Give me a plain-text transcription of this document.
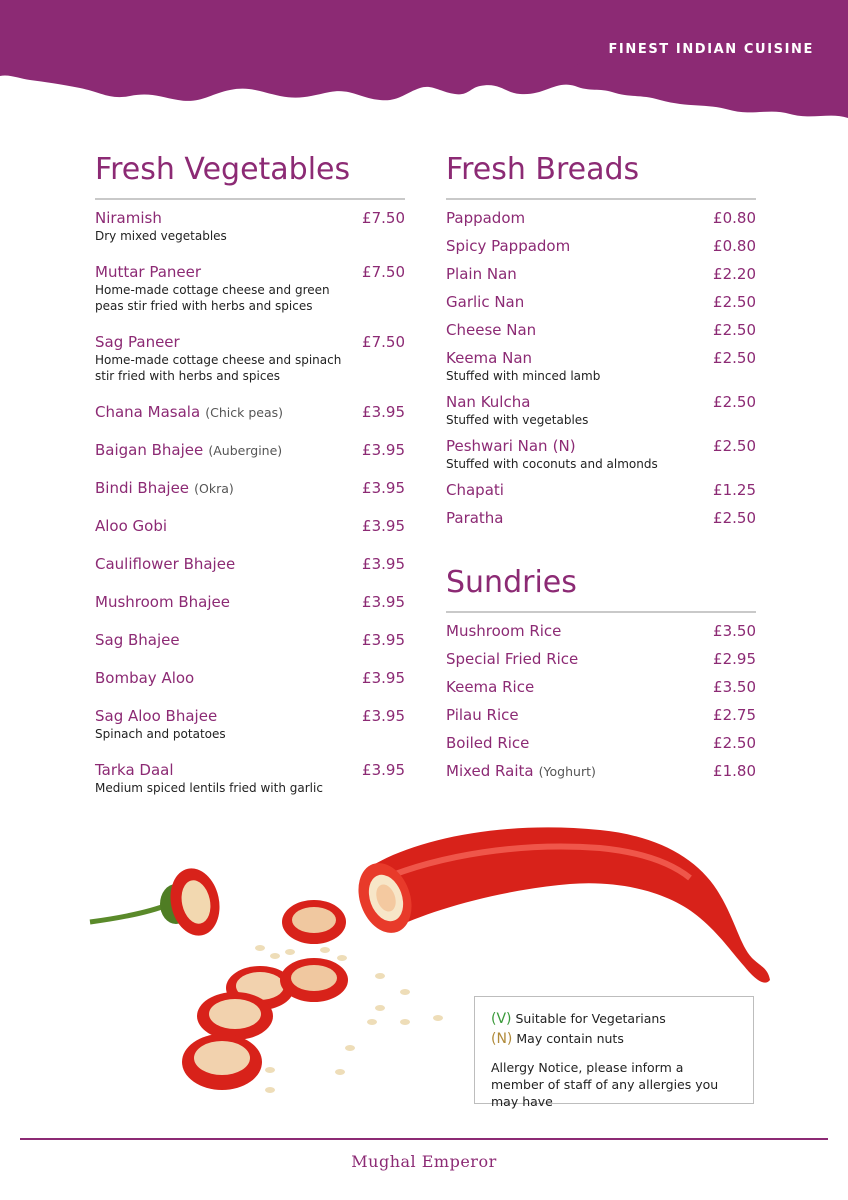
FINEST INDIAN CUISINE
Fresh Vegetables
Niramish
Dry mixed vegetables
£7.50
Muttar Paneer
Home-made cottage cheese and green peas stir fried with herbs and spices
£7.50
Sag Paneer
Home-made cottage cheese and spinach stir fried with herbs and spices
£7.50
Chana Masala (Chick peas)	£3.95
Baigan Bhajee (Aubergine)	£3.95
Bindi Bhajee (Okra)	£3.95
Aloo Gobi	£3.95
Cauliflower Bhajee	£3.95
Mushroom Bhajee	£3.95
Sag Bhajee	£3.95
Bombay Aloo	£3.95
Sag Aloo Bhajee
Spinach and potatoes
£3.95
Tarka Daal
Medium spiced lentils fried with garlic
£3.95
Fresh Breads
Pappadom	£0.80
Spicy Pappadom	£0.80
Plain Nan	£2.20
Garlic Nan	£2.50
Cheese Nan	£2.50
Keema Nan
Stuffed with minced lamb
£2.50
Nan Kulcha
Stuffed with vegetables
£2.50
Peshwari Nan (N)
Stuffed with coconuts and almonds
£2.50
Chapati	£1.25
Paratha	£2.50
Sundries
Mushroom Rice	£3.50
Special Fried Rice	£2.95
Keema Rice	£3.50
Pilau Rice	£2.75
Boiled Rice	£2.50
Mixed Raita (Yoghurt)	£1.80
(V) Suitable for Vegetarians
(N) May contain nuts
Allergy Notice, please inform a member of staff of any allergies you may have
Mughal Emperor
